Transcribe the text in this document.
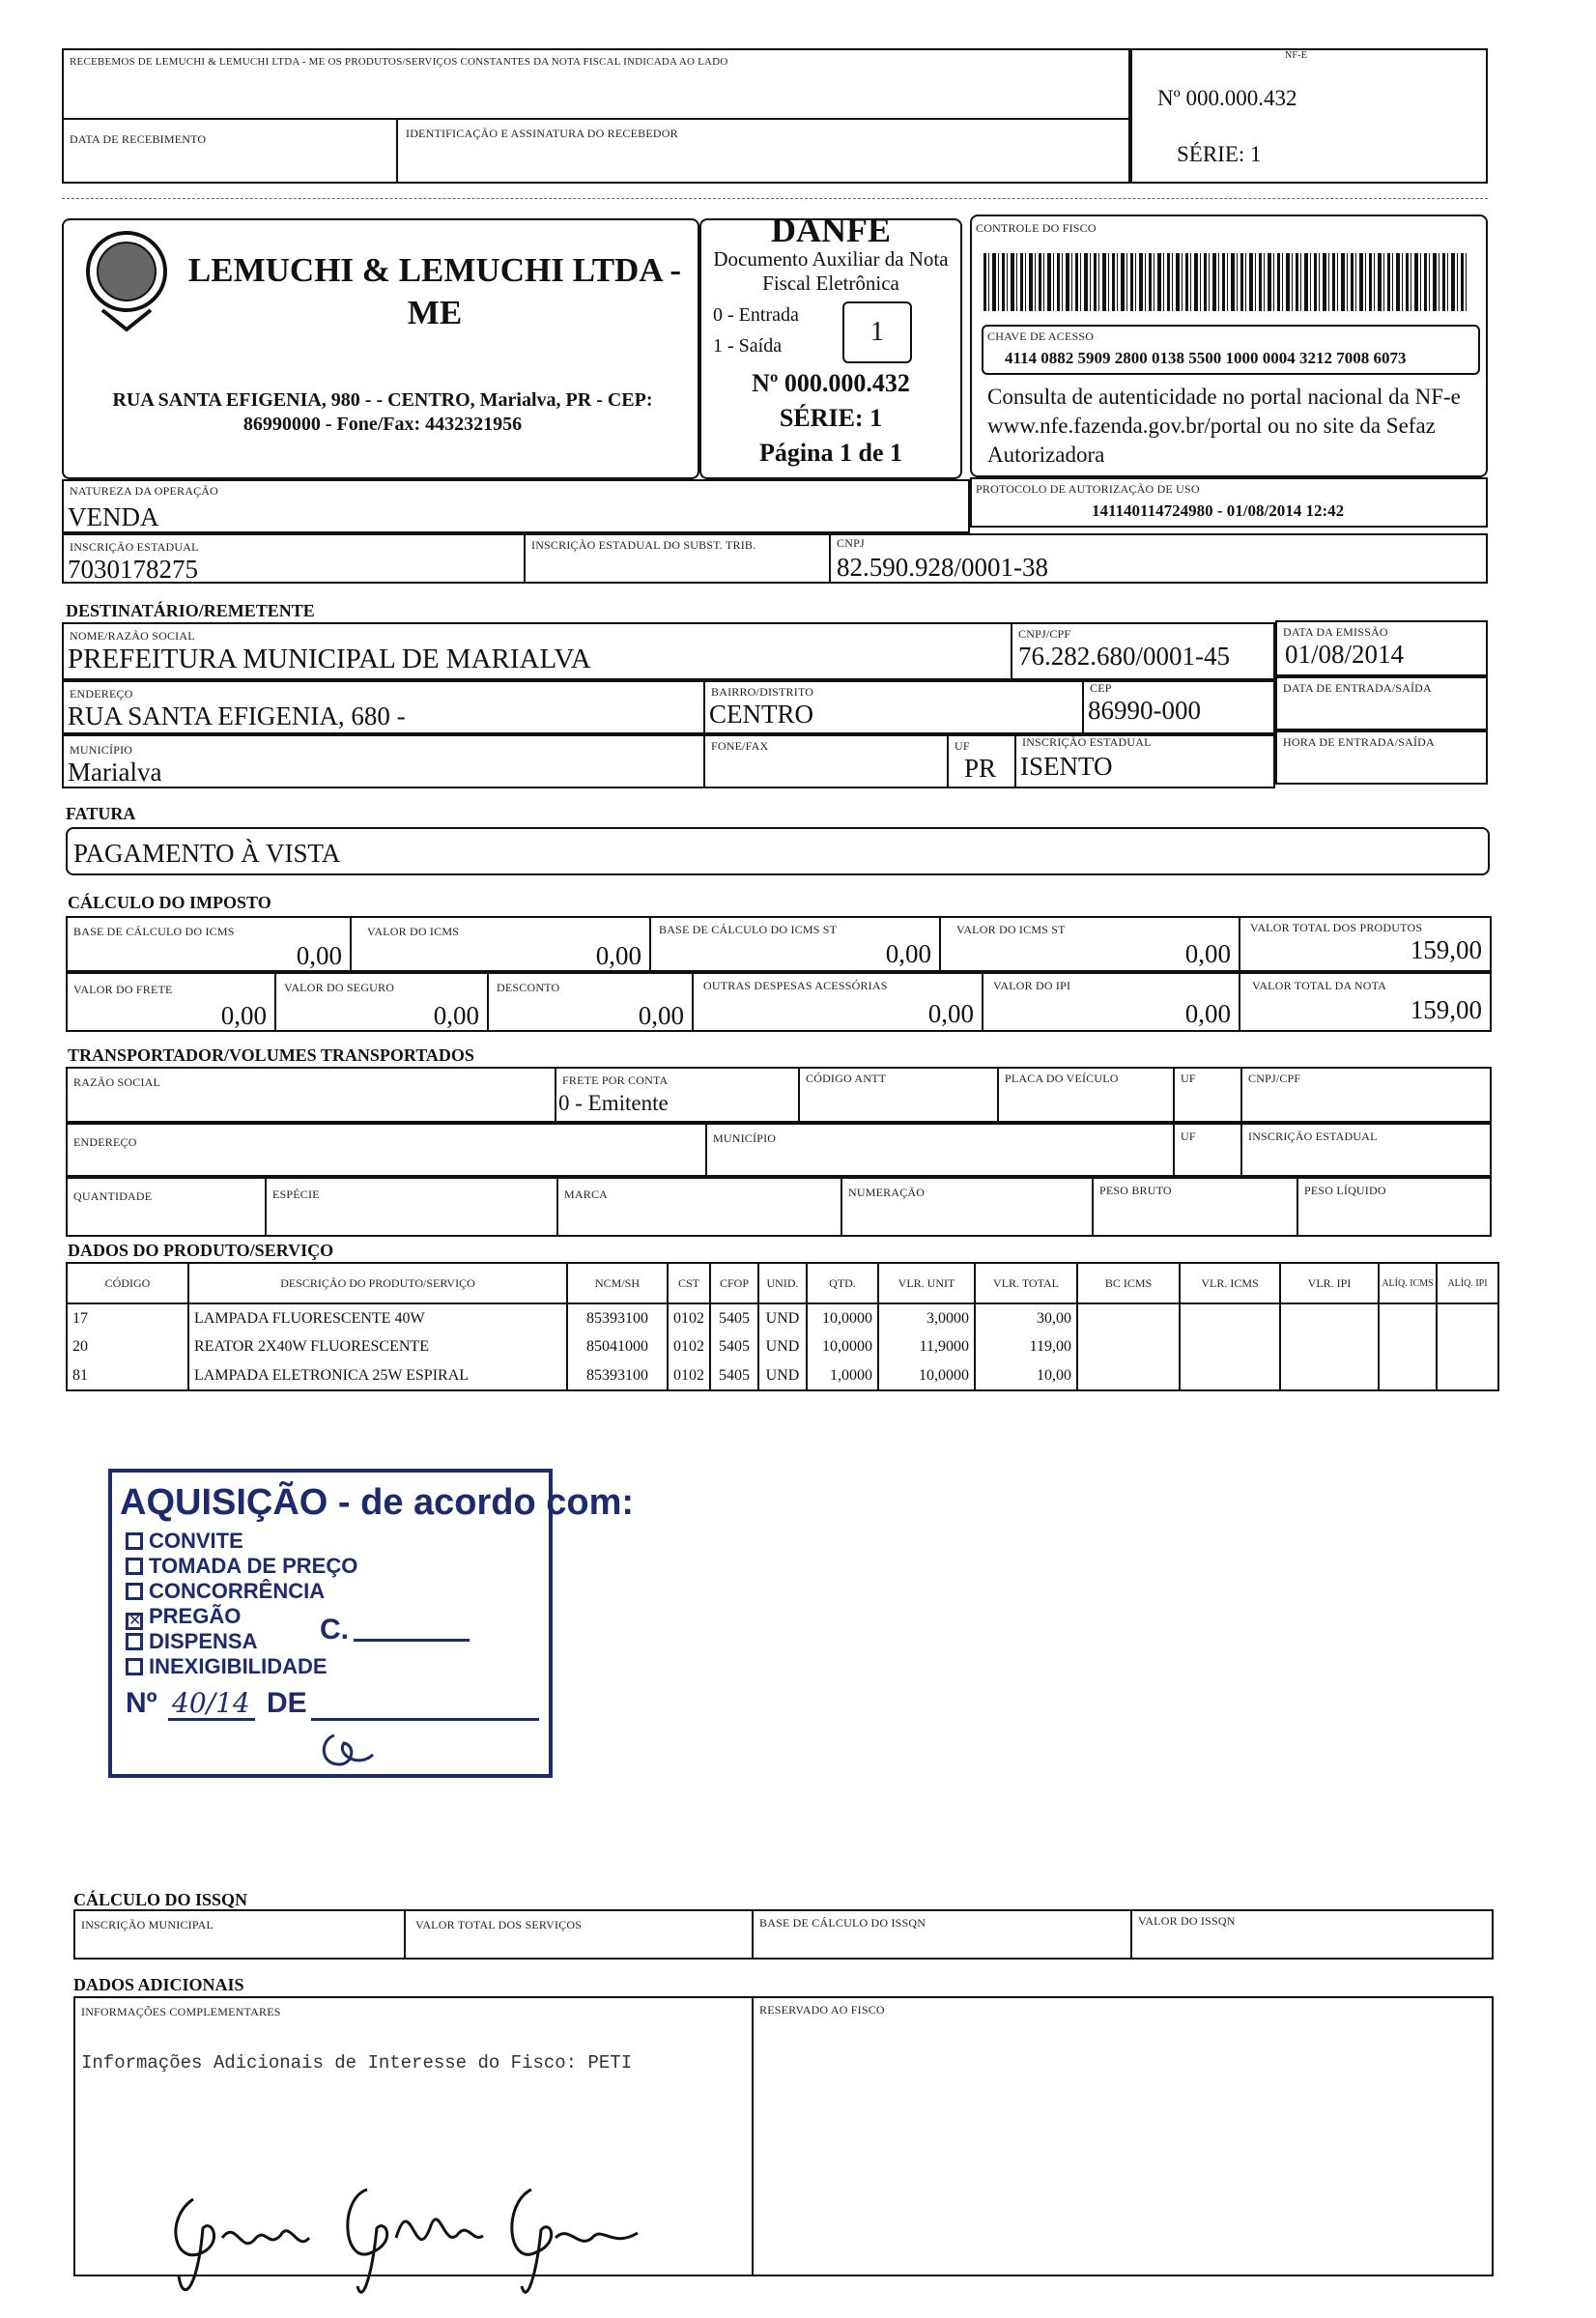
RECEBEMOS DE LEMUCHI & LEMUCHI LTDA - ME OS PRODUTOS/SERVIÇOS CONSTANTES DA NOTA FISCAL INDICADA AO LADO
DATA DE RECEBIMENTO	IDENTIFICAÇÃO E ASSINATURA DO RECEBEDOR
NF-E
Nº 000.000.432
SÉRIE: 1
LEMUCHI & LEMUCHI LTDA - ME
RUA SANTA EFIGENIA, 980 - - CENTRO, Marialva, PR - CEP: 86990000 - Fone/Fax: 4432321956
DANFE
Documento Auxiliar da Nota Fiscal Eletrônica
0 - Entrada
1 - Saída	1
Nº 000.000.432
SÉRIE: 1
Página 1 de 1
CONTROLE DO FISCO
CHAVE DE ACESSO
4114 0882 5909 2800 0138 5500 1000 0004 3212 7008 6073
Consulta de autenticidade no portal nacional da NF-e www.nfe.fazenda.gov.br/portal ou no site da Sefaz Autorizadora
NATUREZA DA OPERAÇÃO
VENDA
PROTOCOLO DE AUTORIZAÇÃO DE USO
141140114724980 - 01/08/2014 12:42
INSCRIÇÃO ESTADUAL
7030178275
INSCRIÇÃO ESTADUAL DO SUBST. TRIB.	CNPJ
82.590.928/0001-38
DESTINATÁRIO/REMETENTE
NOME/RAZÃO SOCIAL
PREFEITURA MUNICIPAL DE MARIALVA
CNPJ/CPF
76.282.680/0001-45
DATA DA EMISSÃO
01/08/2014
ENDEREÇO
RUA SANTA EFIGENIA, 680 -
BAIRRO/DISTRITO
CENTRO
CEP
86990-000
DATA DE ENTRADA/SAÍDA
MUNICÍPIO
Marialva
FONE/FAX	UF
PR
INSCRIÇÃO ESTADUAL
ISENTO
HORA DE ENTRADA/SAÍDA
FATURA
PAGAMENTO À VISTA
CÁLCULO DO IMPOSTO
BASE DE CÁLCULO DO ICMS
0,00
VALOR DO ICMS
0,00
BASE DE CÁLCULO DO ICMS ST
0,00
VALOR DO ICMS ST
0,00
VALOR TOTAL DOS PRODUTOS
159,00
VALOR DO FRETE
0,00
VALOR DO SEGURO
0,00
DESCONTO
0,00
OUTRAS DESPESAS ACESSÓRIAS
0,00
VALOR DO IPI
0,00
VALOR TOTAL DA NOTA
159,00
TRANSPORTADOR/VOLUMES TRANSPORTADOS
RAZÃO SOCIAL	FRETE POR CONTA
0 - Emitente
CÓDIGO ANTT	PLACA DO VEÍCULO	UF	CNPJ/CPF
ENDEREÇO	MUNICÍPIO	UF	INSCRIÇÃO ESTADUAL
QUANTIDADE	ESPÉCIE	MARCA	NUMERAÇÃO	PESO BRUTO	PESO LÍQUIDO
DADOS DO PRODUTO/SERVIÇO
CÓDIGO	DESCRIÇÃO DO PRODUTO/SERVIÇO	NCM/SH	CST	CFOP	UNID.	QTD.	VLR. UNIT	VLR. TOTAL	BC ICMS	VLR. ICMS	VLR. IPI	ALÍQ. ICMS	ALÍQ. IPI
17	LAMPADA FLUORESCENTE 40W	85393100	0102	5405	UND	10,0000	3,0000	30,00					
20	REATOR 2X40W FLUORESCENTE	85041000	0102	5405	UND	10,0000	11,9000	119,00					
81	LAMPADA ELETRONICA 25W ESPIRAL	85393100	0102	5405	UND	1,0000	10,0000	10,00					
AQUISIÇÃO - de acordo com:
CONVITE
TOMADA DE PREÇO
CONCORRÊNCIA
✕ PREGÃO
DISPENSA
INEXIGIBILIDADE
C.
Nº 40/14 DE
CÁLCULO DO ISSQN
INSCRIÇÃO MUNICIPAL	VALOR TOTAL DOS SERVIÇOS	BASE DE CÁLCULO DO ISSQN	VALOR DO ISSQN
DADOS ADICIONAIS
INFORMAÇÕES COMPLEMENTARES
Informações Adicionais de Interesse do Fisco: PETI
RESERVADO AO FISCO
